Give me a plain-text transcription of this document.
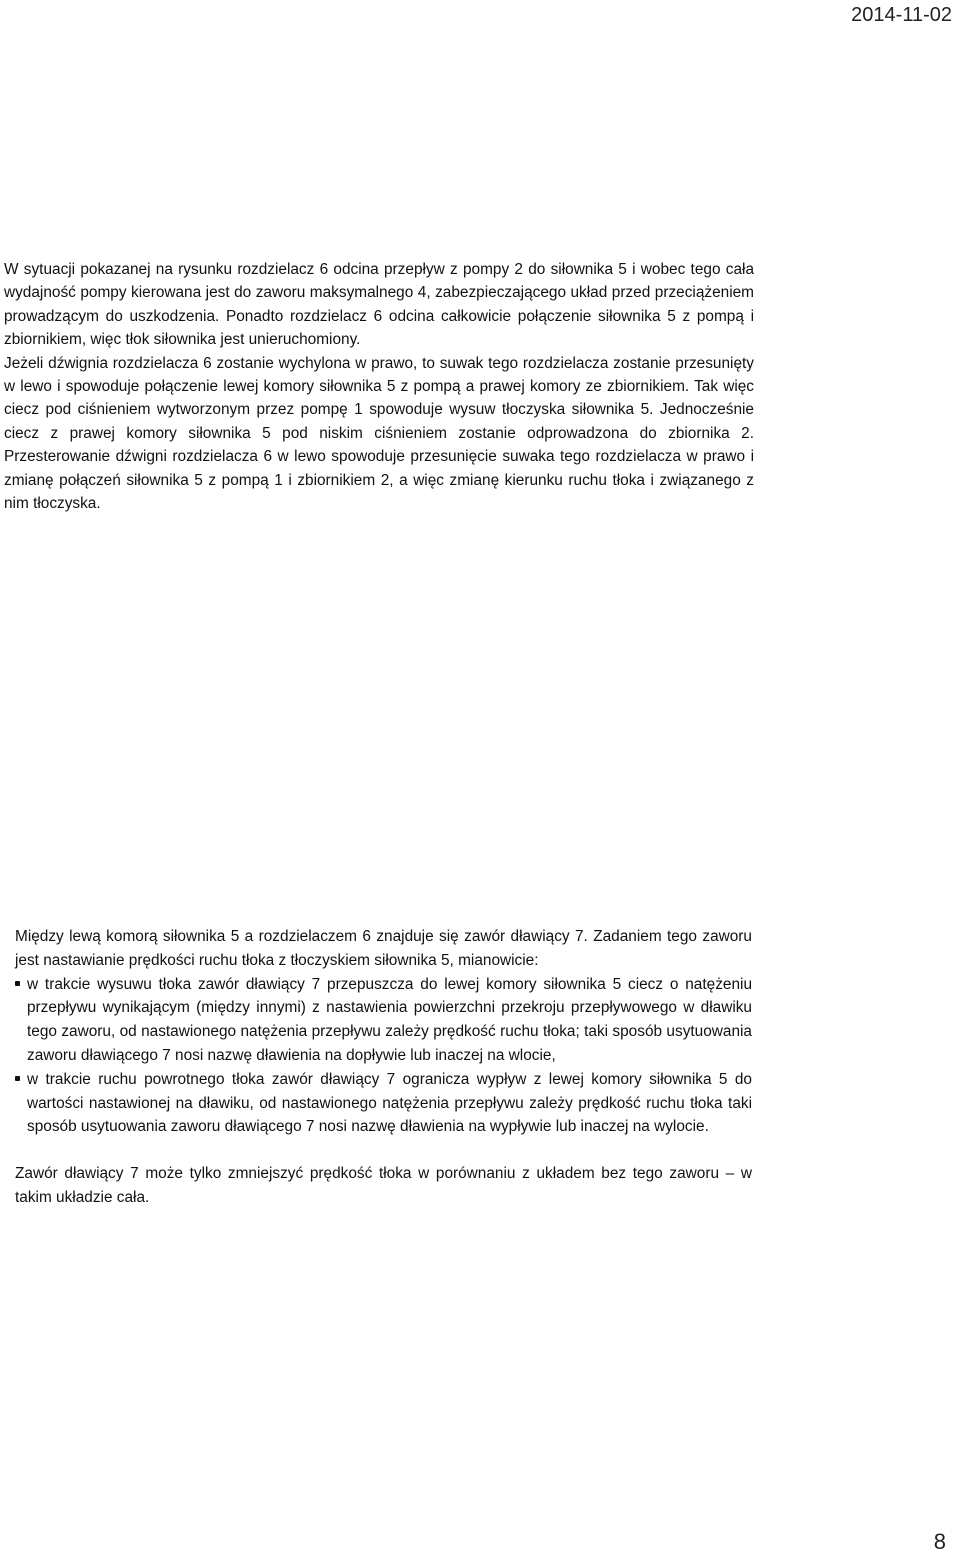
2014-11-02

W sytuacji pokazanej na rysunku rozdzielacz 6 odcina przepływ z pompy 2 do siłownika 5 i wobec tego cała wydajność pompy kierowana jest do zaworu maksymalnego 4, zabezpieczającego układ przed przeciążeniem prowadzącym do uszkodzenia. Ponadto rozdzielacz 6 odcina całkowicie połączenie siłownika 5 z pompą i zbiornikiem, więc tłok siłownika jest unieruchomiony.

Jeżeli dźwignia rozdzielacza 6 zostanie wychylona w prawo, to suwak tego rozdzielacza zostanie przesunięty w lewo i spowoduje połączenie lewej komory siłownika 5 z pompą a prawej komory ze zbiornikiem. Tak więc ciecz pod ciśnieniem wytworzonym przez pompę 1 spowoduje wysuw tłoczyska siłownika 5. Jednocześnie ciecz z prawej komory siłownika 5 pod niskim ciśnieniem zostanie odprowadzona do zbiornika 2. Przesterowanie dźwigni rozdzielacza 6 w lewo spowoduje przesunięcie suwaka tego rozdzielacza w prawo i zmianę połączeń siłownika 5 z pompą 1 i zbiornikiem 2, a więc zmianę kierunku ruchu tłoka i związanego z nim tłoczyska.

Między lewą komorą siłownika 5 a rozdzielaczem 6 znajduje się zawór dławiący 7. Zadaniem tego zaworu jest nastawianie prędkości ruchu tłoka z tłoczyskiem siłownika 5, mianowicie:

w trakcie wysuwu tłoka zawór dławiący 7 przepuszcza do lewej komory siłownika 5 ciecz o natężeniu przepływu wynikającym (między innymi) z nastawienia powierzchni przekroju przepływowego w dławiku tego zaworu, od nastawionego natężenia przepływu zależy prędkość ruchu tłoka; taki sposób usytuowania zaworu dławiącego 7 nosi nazwę dławienia na dopływie lub inaczej na wlocie,
w trakcie ruchu powrotnego tłoka zawór dławiący 7 ogranicza wypływ z lewej komory siłownika 5 do wartości nastawionej na dławiku, od nastawionego natężenia przepływu zależy prędkość ruchu tłoka taki sposób usytuowania zaworu dławiącego 7 nosi nazwę dławienia na wypływie lub inaczej na wylocie.

Zawór dławiący 7 może tylko zmniejszyć prędkość tłoka w porównaniu z układem bez tego zaworu – w takim układzie cała.

8
